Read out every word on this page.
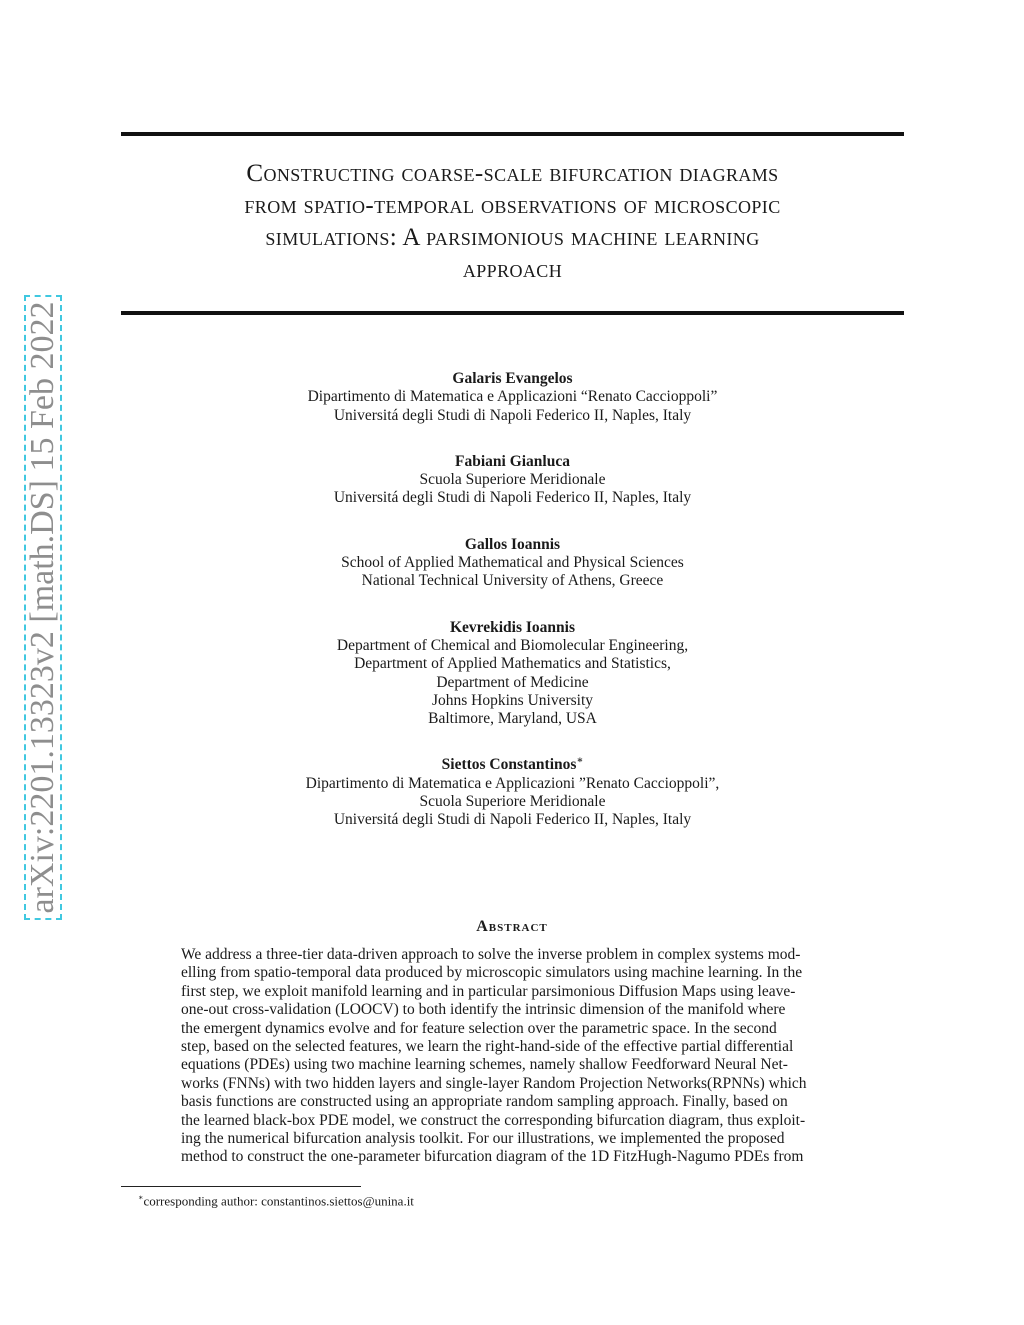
arXiv:2201.13323v2 [math.DS] 15 Feb 2022
Constructing coarse-scale bifurcation diagrams
from spatio-temporal observations of microscopic
simulations: A parsimonious machine learning
approach
Galaris Evangelos
Dipartimento di Matematica e Applicazioni “Renato Caccioppoli”
Universitá degli Studi di Napoli Federico II, Naples, Italy
Fabiani Gianluca
Scuola Superiore Meridionale
Universitá degli Studi di Napoli Federico II, Naples, Italy
Gallos Ioannis
School of Applied Mathematical and Physical Sciences
National Technical University of Athens, Greece
Kevrekidis Ioannis
Department of Chemical and Biomolecular Engineering,
Department of Applied Mathematics and Statistics,
Department of Medicine
Johns Hopkins University
Baltimore, Maryland, USA
Siettos Constantinos∗
Dipartimento di Matematica e Applicazioni ”Renato Caccioppoli”,
Scuola Superiore Meridionale
Universitá degli Studi di Napoli Federico II, Naples, Italy
Abstract
We address a three-tier data-driven approach to solve the inverse problem in complex systems mod-
elling from spatio-temporal data produced by microscopic simulators using machine learning. In the
first step, we exploit manifold learning and in particular parsimonious Diffusion Maps using leave-
one-out cross-validation (LOOCV) to both identify the intrinsic dimension of the manifold where
the emergent dynamics evolve and for feature selection over the parametric space. In the second
step, based on the selected features, we learn the right-hand-side of the effective partial differential
equations (PDEs) using two machine learning schemes, namely shallow Feedforward Neural Net-
works (FNNs) with two hidden layers and single-layer Random Projection Networks(RPNNs) which
basis functions are constructed using an appropriate random sampling approach. Finally, based on
the learned black-box PDE model, we construct the corresponding bifurcation diagram, thus exploit-
ing the numerical bifurcation analysis toolkit. For our illustrations, we implemented the proposed
method to construct the one-parameter bifurcation diagram of the 1D FitzHugh-Nagumo PDEs from

∗corresponding author: constantinos.siettos@unina.it
